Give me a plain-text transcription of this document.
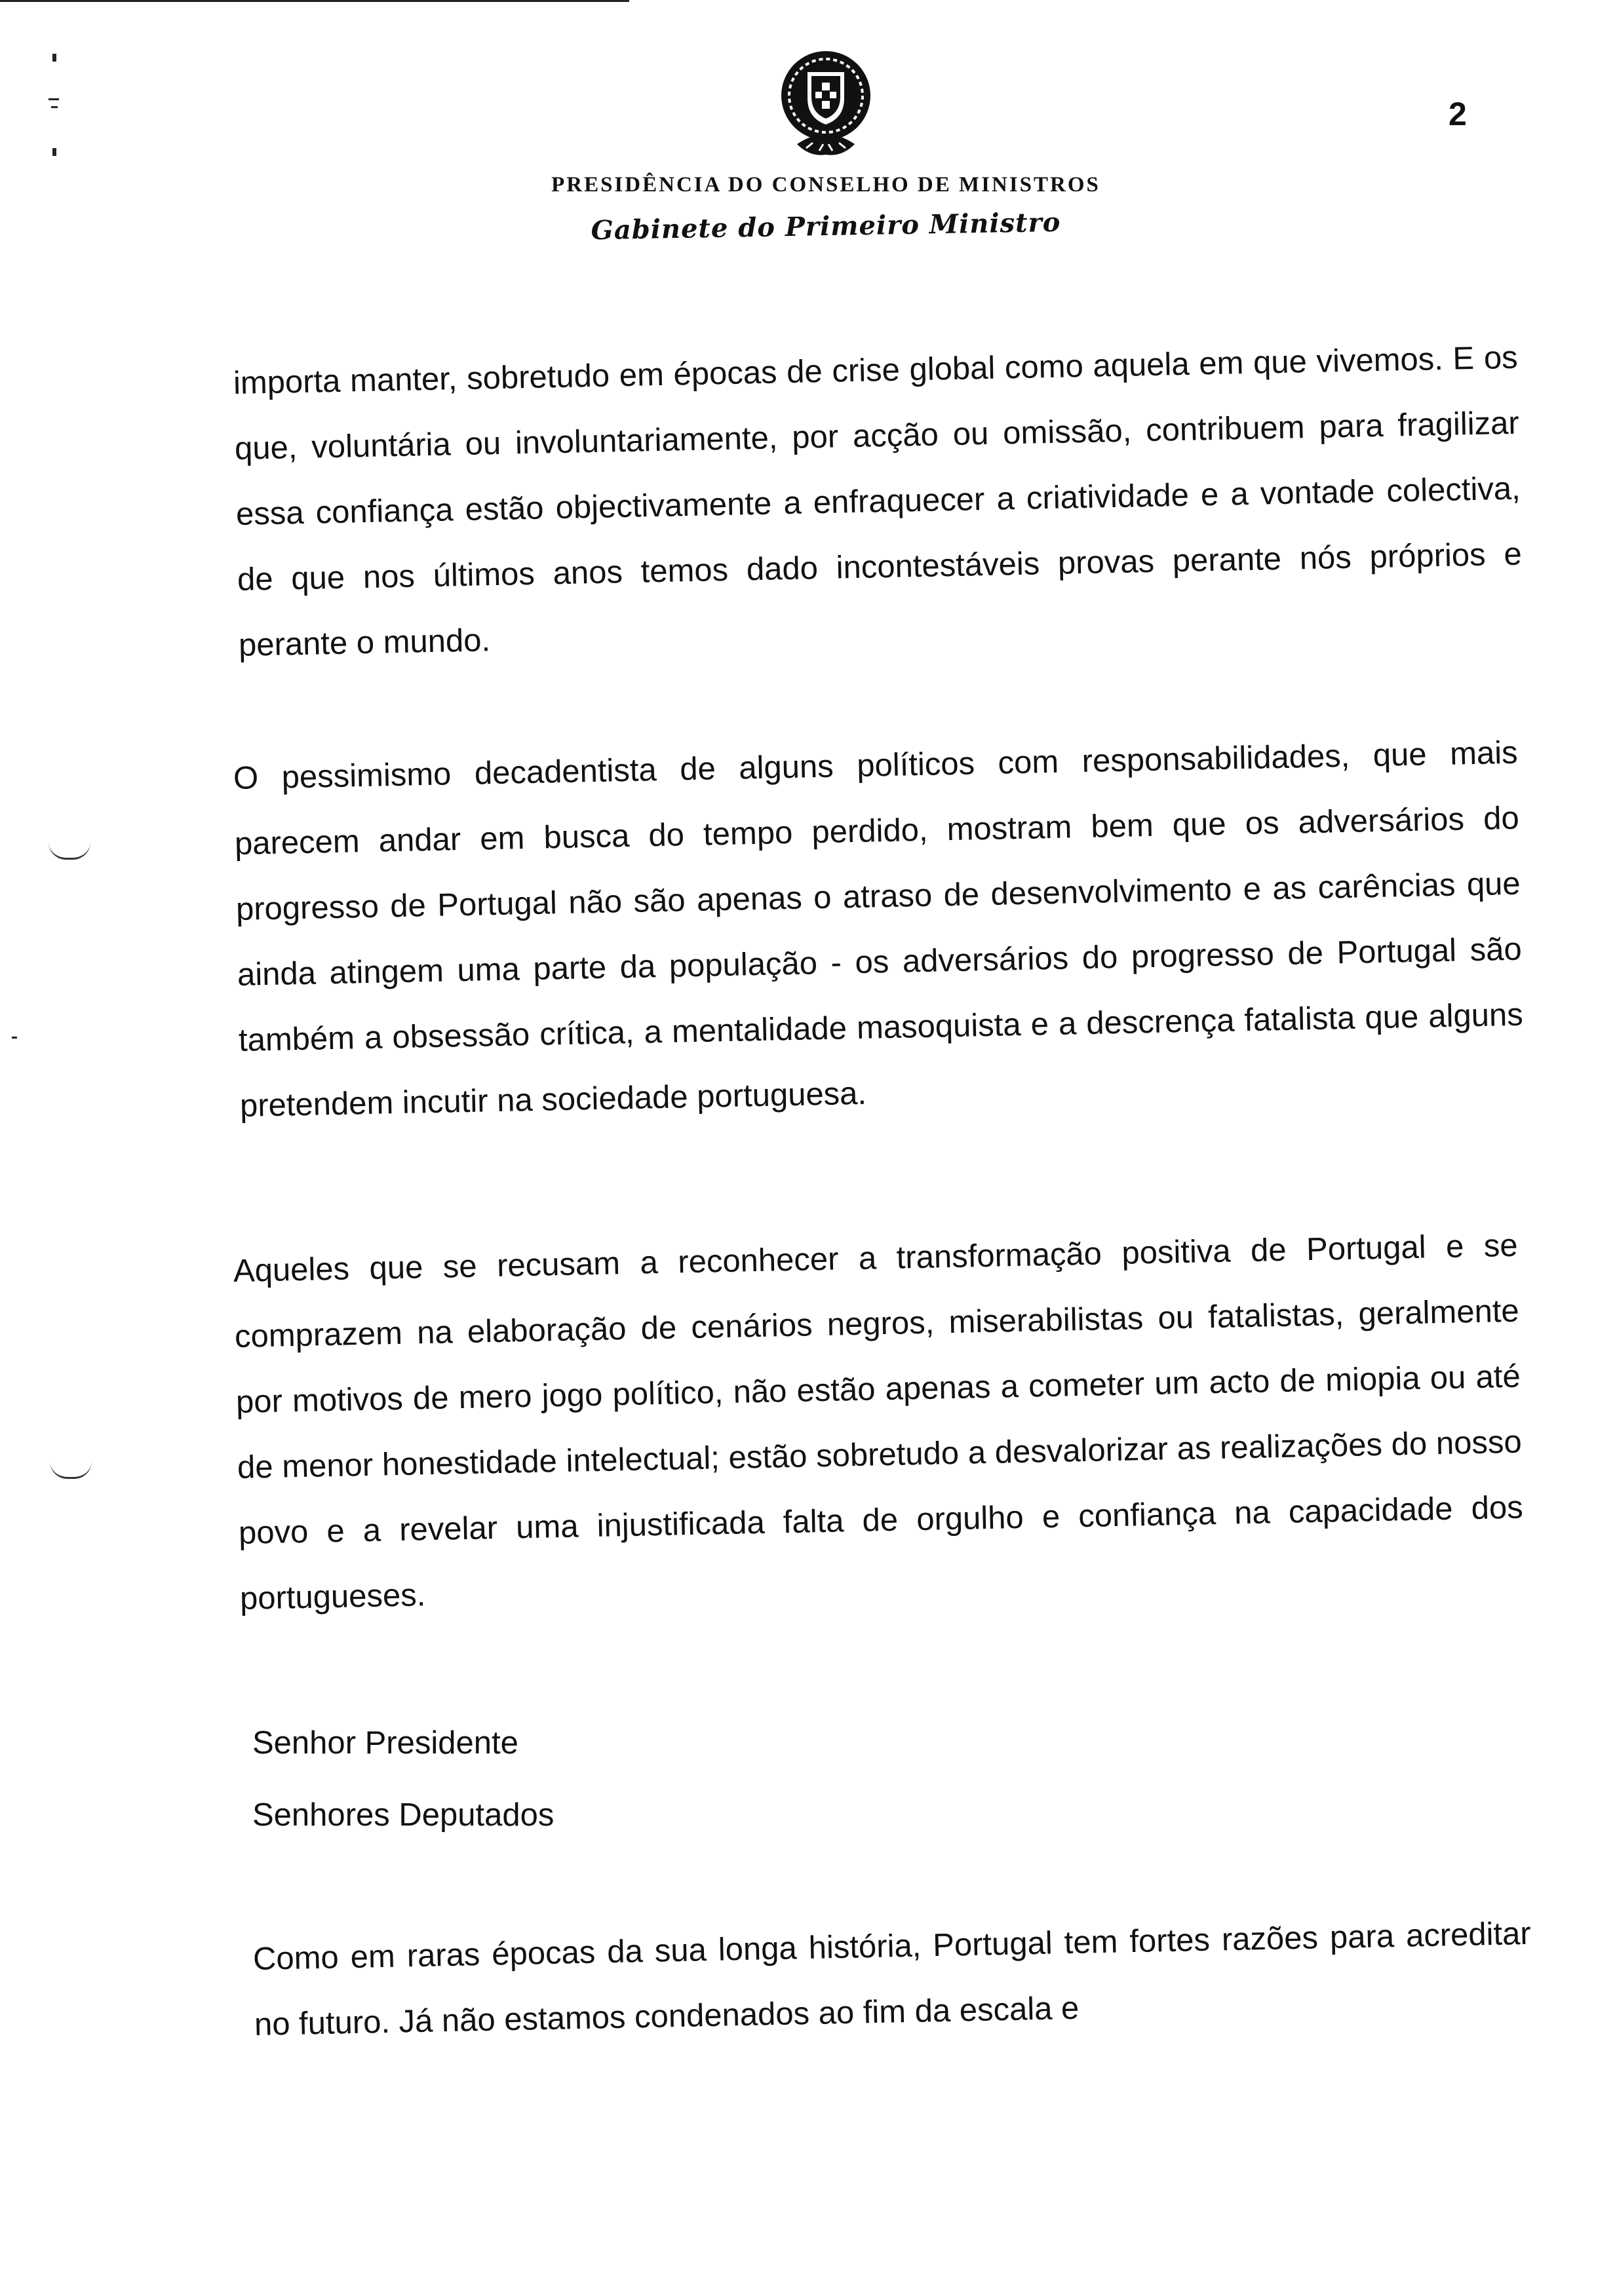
2
PRESIDÊNCIA DO CONSELHO DE MINISTROS
Gabinete do Primeiro Ministro

importa manter, sobretudo em épocas de crise global como aquela em que vivemos. E os que, voluntária ou involuntariamente, por acção ou omissão, contribuem para fragilizar essa confiança estão objectivamente a enfraquecer a criatividade e a vontade colectiva, de que nos últimos anos temos dado incontestáveis provas perante nós próprios e perante o mundo.

O pessimismo decadentista de alguns políticos com responsabilidades, que mais parecem andar em busca do tempo perdido, mostram bem que os adversários do progresso de Portugal não são apenas o atraso de desenvolvimento e as carências que ainda atingem uma parte da população - os adversários do progresso de Portugal são também a obsessão crítica, a mentalidade masoquista e a descrença fatalista que alguns pretendem incutir na sociedade portuguesa.

Aqueles que se recusam a reconhecer a transformação positiva de Portugal e se comprazem na elaboração de cenários negros, miserabilistas ou fatalistas, geralmente por motivos de mero jogo político, não estão apenas a cometer um acto de miopia ou até de menor honestidade intelectual; estão sobretudo a desvalorizar as realizações do nosso povo e a revelar uma injustificada falta de orgulho e confiança na capacidade dos portugueses.

Senhor Presidente
Senhores Deputados

Como em raras épocas da sua longa história, Portugal tem fortes razões para acreditar no futuro. Já não estamos condenados ao fim da escala e
